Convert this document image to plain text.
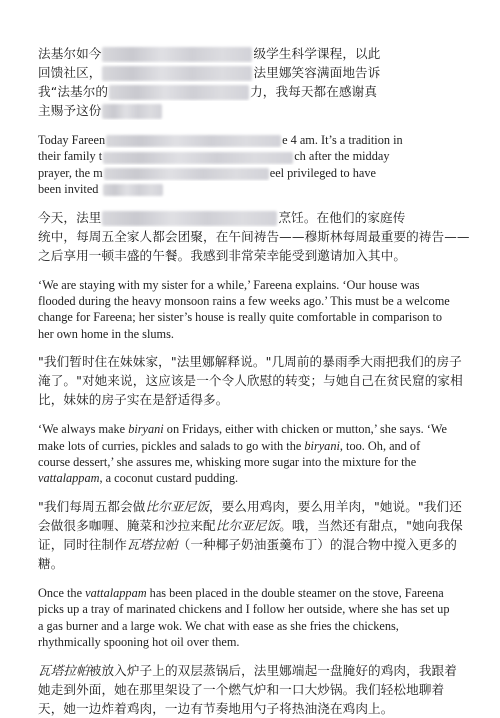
法基尔如今	级学生科学课程，以此
回馈社区，	法里娜笑容满面地告诉
我“法基尔的	力，我每天都在感谢真
主赐予这份

Today Fareen	e 4 am. It’s a tradition in
their family t	ch after the midday
prayer, the m	eel privileged to have
been invited

今天，法里	烹饪。在他们的家庭传
统中，每周五全家人都会团聚，在午间祷告——穆斯林每周最重要的祷告——
之后享用一顿丰盛的午餐。我感到非常荣幸能受到邀请加入其中。

‘We are staying with my sister for a while,’ Fareena explains. ‘Our house was
flooded during the heavy monsoon rains a few weeks ago.’ This must be a welcome
change for Fareena; her sister’s house is really quite comfortable in comparison to
her own home in the slums.

"我们暂时住在妹妹家，"法里娜解释说。"几周前的暴雨季大雨把我们的房子
淹了。"对她来说，这应该是一个令人欣慰的转变；与她自己在贫民窟的家相
比，妹妹的房子实在是舒适得多。

‘We always make biryani on Fridays, either with chicken or mutton,’ she says. ‘We
make lots of curries, pickles and salads to go with the biryani, too. Oh, and of
course dessert,’ she assures me, whisking more sugar into the mixture for the
vattalappam, a coconut custard pudding.

"我们每周五都会做比尔亚尼饭，要么用鸡肉，要么用羊肉，"她说。"我们还
会做很多咖喱、腌菜和沙拉来配比尔亚尼饭。哦，当然还有甜点，"她向我保
证，同时往制作瓦塔拉帕（一种椰子奶油蛋羹布丁）的混合物中搅入更多的
糖。

Once the vattalappam has been placed in the double steamer on the stove, Fareena
picks up a tray of marinated chickens and I follow her outside, where she has set up
a gas burner and a large wok. We chat with ease as she fries the chickens,
rhythmically spooning hot oil over them.

瓦塔拉帕被放入炉子上的双层蒸锅后，法里娜端起一盘腌好的鸡肉，我跟着
她走到外面，她在那里架设了一个燃气炉和一口大炒锅。我们轻松地聊着
天，她一边炸着鸡肉，一边有节奏地用勺子将热油浇在鸡肉上。
